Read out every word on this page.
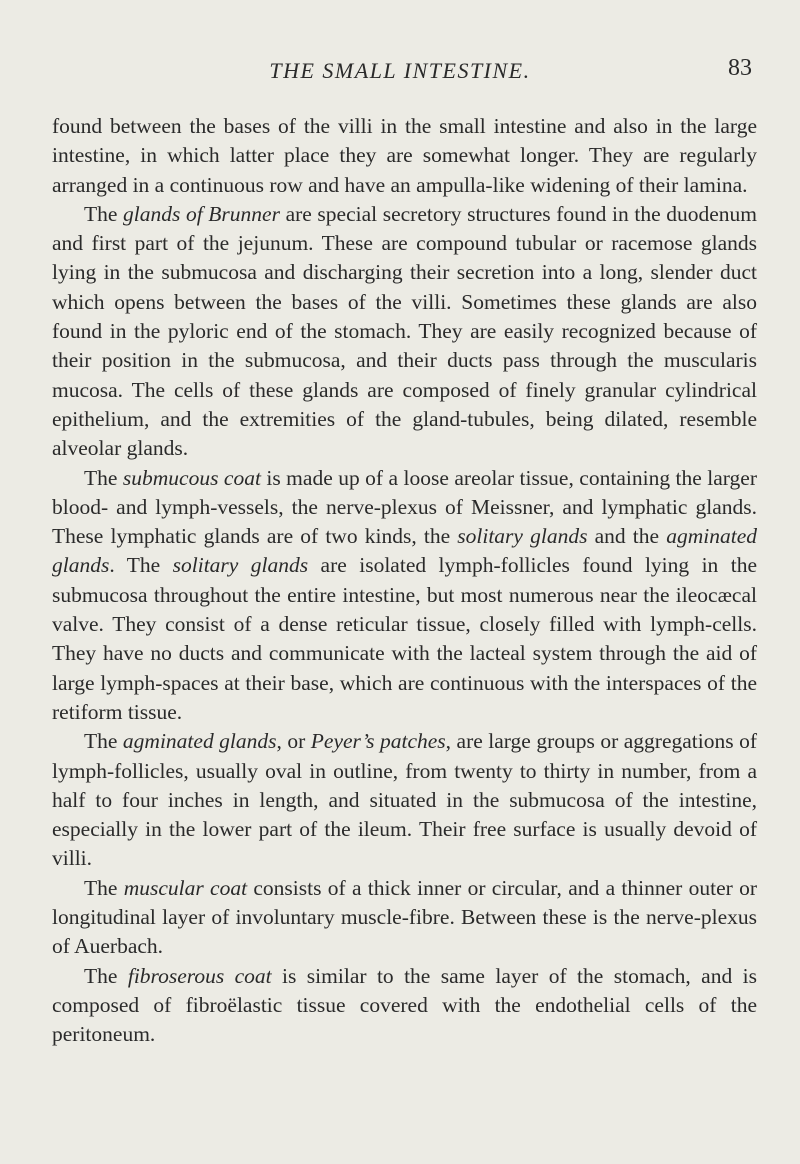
THE SMALL INTESTINE.	83

found between the bases of the villi in the small intestine and also in the large intestine, in which latter place they are somewhat longer. They are regularly arranged in a continuous row and have an ampulla-like widening of their lamina.

The glands of Brunner are special secretory structures found in the duodenum and first part of the jejunum. These are compound tubular or racemose glands lying in the submucosa and discharging their secretion into a long, slender duct which opens between the bases of the villi. Sometimes these glands are also found in the pyloric end of the stomach. They are easily recognized because of their position in the submucosa, and their ducts pass through the muscularis mucosa. The cells of these glands are composed of finely granular cylindrical epithelium, and the extremities of the gland-tubules, being dilated, resemble alveolar glands.

The submucous coat is made up of a loose areolar tissue, containing the larger blood- and lymph-vessels, the nerve-plexus of Meissner, and lymphatic glands. These lymphatic glands are of two kinds, the solitary glands and the agminated glands. The solitary glands are isolated lymph-follicles found lying in the submucosa throughout the entire intestine, but most numerous near the ileocæcal valve. They consist of a dense reticular tissue, closely filled with lymph-cells. They have no ducts and communicate with the lacteal system through the aid of large lymph-spaces at their base, which are continuous with the interspaces of the retiform tissue.

The agminated glands, or Peyer’s patches, are large groups or aggregations of lymph-follicles, usually oval in outline, from twenty to thirty in number, from a half to four inches in length, and situated in the submucosa of the intestine, especially in the lower part of the ileum. Their free surface is usually devoid of villi.

The muscular coat consists of a thick inner or circular, and a thinner outer or longitudinal layer of involuntary muscle-fibre. Between these is the nerve-plexus of Auerbach.

The fibroserous coat is similar to the same layer of the stomach, and is composed of fibroëlastic tissue covered with the endothelial cells of the peritoneum.
